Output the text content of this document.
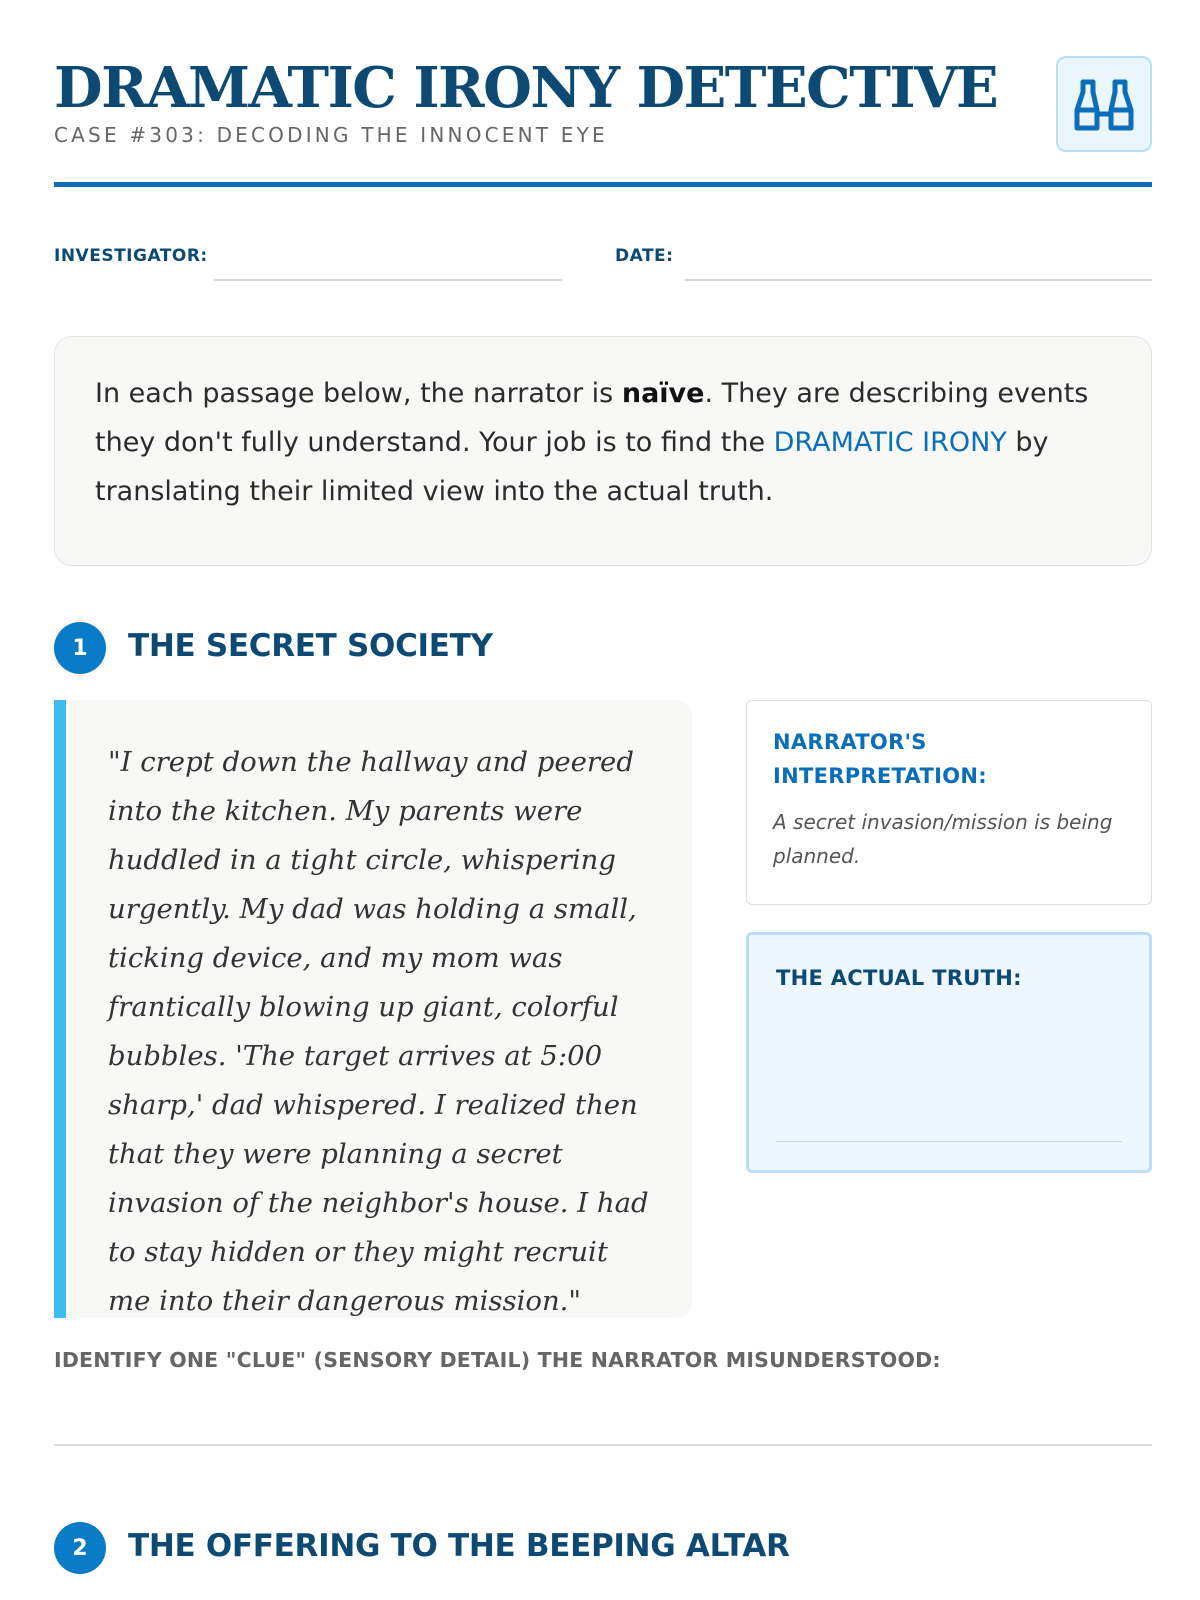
DRAMATIC IRONY DETECTIVE
CASE #303: DECODING THE INNOCENT EYE
INVESTIGATOR:	DATE:
In each passage below, the narrator is naïve. They are describing events they don't fully understand. Your job is to find the DRAMATIC IRONY by translating their limited view into the actual truth.
1	THE SECRET SOCIETY
"I crept down the hallway and peered into the kitchen. My parents were huddled in a tight circle, whispering urgently. My dad was holding a small, ticking device, and my mom was frantically blowing up giant, colorful bubbles. 'The target arrives at 5:00 sharp,' dad whispered. I realized then that they were planning a secret invasion of the neighbor's house. I had to stay hidden or they might recruit me into their dangerous mission."
NARRATOR'S INTERPRETATION:
A secret invasion/mission is being planned.
THE ACTUAL TRUTH:
IDENTIFY ONE "CLUE" (SENSORY DETAIL) THE NARRATOR MISUNDERSTOOD:
2	THE OFFERING TO THE BEEPING ALTAR
